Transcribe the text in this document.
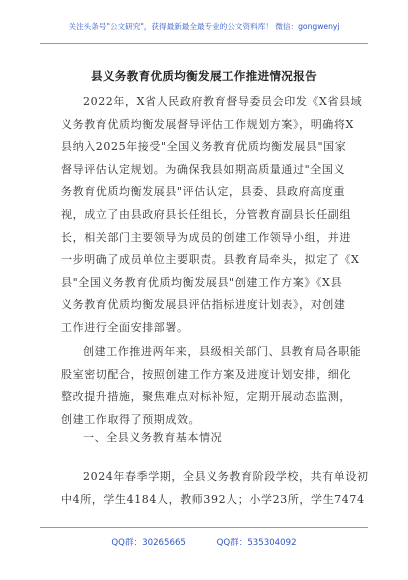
关注头条号"公文研究"，获得最新最全最专业的公文资料库！ 微信：gongwenyj
县义务教育优质均衡发展工作推进情况报告
2022年，X省人民政府教育督导委员会印发《X省县域
义务教育优质均衡发展督导评估工作规划方案》，明确将X
县纳入2025年接受"全国义务教育优质均衡发展县"国家
督导评估认定规划。为确保我县如期高质量通过"全国义
务教育优质均衡发展县"评估认定，县委、县政府高度重
视，成立了由县政府县长任组长，分管教育副县长任副组
长，相关部门主要领导为成员的创建工作领导小组，并进
一步明确了成员单位主要职责。县教育局牵头，拟定了《X
县"全国义务教育优质均衡发展县"创建工作方案》《X县
义务教育优质均衡发展县评估指标进度计划表》，对创建
工作进行全面安排部署。
创建工作推进两年来，县级相关部门、县教育局各职能
股室密切配合，按照创建工作方案及进度计划安排，细化
整改提升措施，聚焦难点对标补短，定期开展动态监测，
创建工作取得了预期成效。
一、全县义务教育基本情况
2024年春季学期，全县义务教育阶段学校，共有单设初
中4所，学生4184人，教师392人；小学23所，学生7474
QQ群：30265665	QQ群：535304092
